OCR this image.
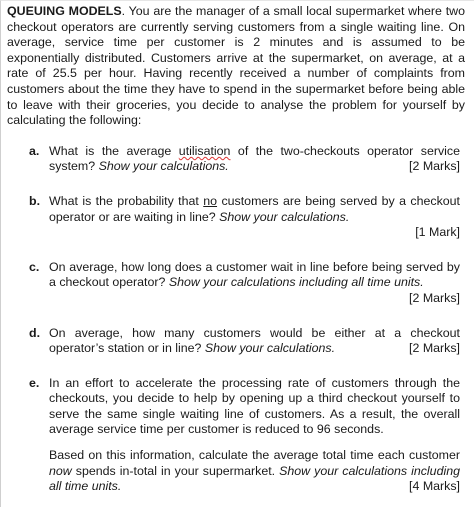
QUEUING MODELS. You are the manager of a small local supermarket where two checkout operators are currently serving customers from a single waiting line. On average, service time per customer is 2 minutes and is assumed to be exponentially distributed. Customers arrive at the supermarket, on average, at a rate of 25.5 per hour. Having recently received a number of complaints from customers about the time they have to spend in the supermarket before being able to leave with their groceries, you decide to analyse the problem for yourself by calculating the following:

a. What is the average utilisation of the two-checkouts operator service system? Show your calculations.	[2 Marks]
b. What is the probability that no customers are being served by a checkout operator or are waiting in line? Show your calculations.
[1 Mark]
c. On average, how long does a customer wait in line before being served by a checkout operator? Show your calculations including all time units.
[2 Marks]
d. On average, how many customers would be either at a checkout operator’s station or in line? Show your calculations.	[2 Marks]
e. In an effort to accelerate the processing rate of customers through the checkouts, you decide to help by opening up a third checkout yourself to serve the same single waiting line of customers. As a result, the overall average service time per customer is reduced to 96 seconds.
Based on this information, calculate the average total time each customer now spends in-total in your supermarket. Show your calculations including all time units.	[4 Marks]
